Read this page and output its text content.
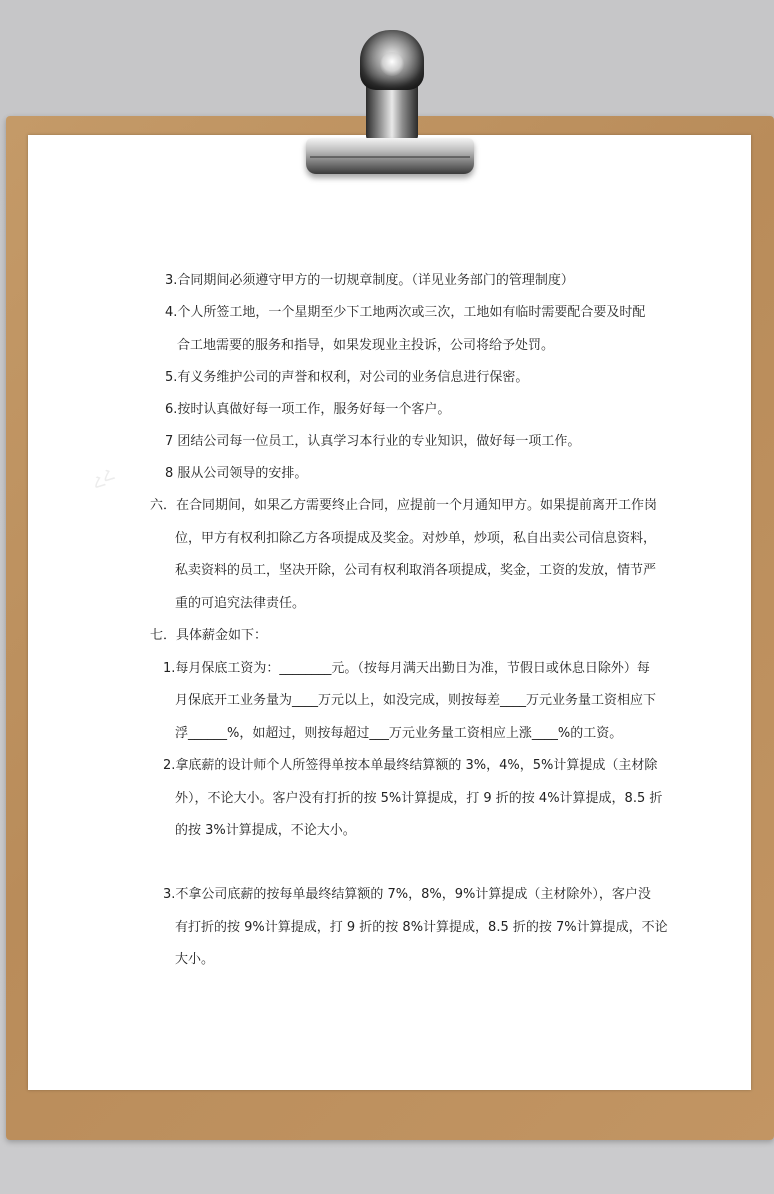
ՀՀ
3.合同期间必须遵守甲方的一切规章制度。（详见业务部门的管理制度）
4.个人所签工地，一个星期至少下工地两次或三次，工地如有临时需要配合要及时配
合工地需要的服务和指导，如果发现业主投诉，公司将给予处罚。
5.有义务维护公司的声誉和权利，对公司的业务信息进行保密。
6.按时认真做好每一项工作，服务好每一个客户。
7 团结公司每一位员工，认真学习本行业的专业知识，做好每一项工作。
8 服从公司领导的安排。
六．在合同期间，如果乙方需要终止合同，应提前一个月通知甲方。如果提前离开工作岗
位，甲方有权利扣除乙方各项提成及奖金。对炒单，炒项，私自出卖公司信息资料，
私卖资料的员工，坚决开除，公司有权利取消各项提成，奖金，工资的发放，情节严
重的可追究法律责任。
七．具体薪金如下：
1.每月保底工资为：________元。（按每月满天出勤日为准，节假日或休息日除外）每
月保底开工业务量为____万元以上，如没完成，则按每差____万元业务量工资相应下
浮______%，如超过，则按每超过___万元业务量工资相应上涨____%的工资。
2.拿底薪的设计师个人所签得单按本单最终结算额的 3%，4%，5%计算提成（主材除
外），不论大小。客户没有打折的按 5%计算提成，打 9 折的按 4%计算提成，8.5 折
的按 3%计算提成，不论大小。
3.不拿公司底薪的按每单最终结算额的 7%，8%，9%计算提成（主材除外），客户没
有打折的按 9%计算提成，打 9 折的按 8%计算提成，8.5 折的按 7%计算提成，不论
大小。
